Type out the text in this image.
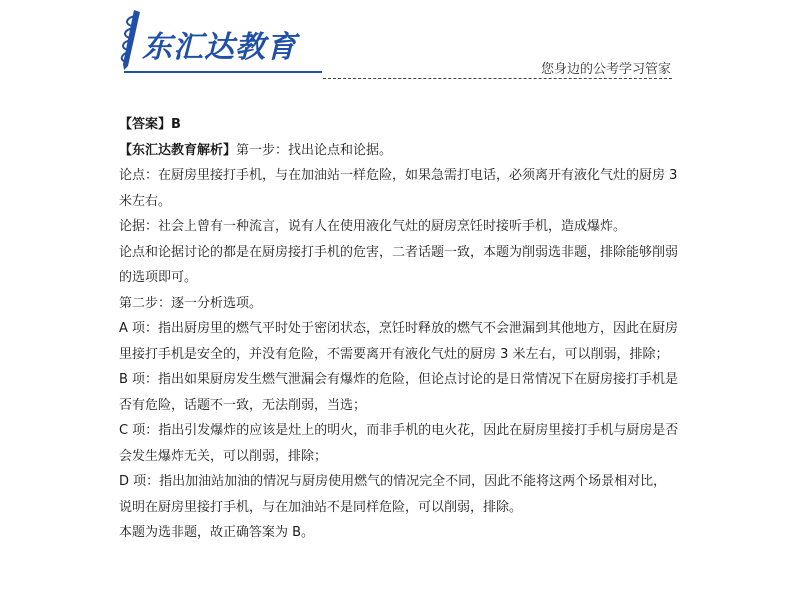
东汇达教育
您身边的公考学习管家

【答案】B

【东汇达教育解析】第一步：找出论点和论据。

论点：在厨房里接打手机，与在加油站一样危险，如果急需打电话，必须离开有液化气灶的厨房 3 米左右。

论据：社会上曾有一种流言，说有人在使用液化气灶的厨房烹饪时接听手机，造成爆炸。

论点和论据讨论的都是在厨房接打手机的危害，二者话题一致，本题为削弱选非题，排除能够削弱的选项即可。

第二步：逐一分析选项。

A 项：指出厨房里的燃气平时处于密闭状态，烹饪时释放的燃气不会泄漏到其他地方，因此在厨房里接打手机是安全的，并没有危险，不需要离开有液化气灶的厨房 3 米左右，可以削弱，排除；

B 项：指出如果厨房发生燃气泄漏会有爆炸的危险，但论点讨论的是日常情况下在厨房接打手机是否有危险，话题不一致，无法削弱，当选；

C 项：指出引发爆炸的应该是灶上的明火，而非手机的电火花，因此在厨房里接打手机与厨房是否会发生爆炸无关，可以削弱，排除；

D 项：指出加油站加油的情况与厨房使用燃气的情况完全不同，因此不能将这两个场景相对比，说明在厨房里接打手机，与在加油站不是同样危险，可以削弱，排除。

本题为选非题，故正确答案为 B。
